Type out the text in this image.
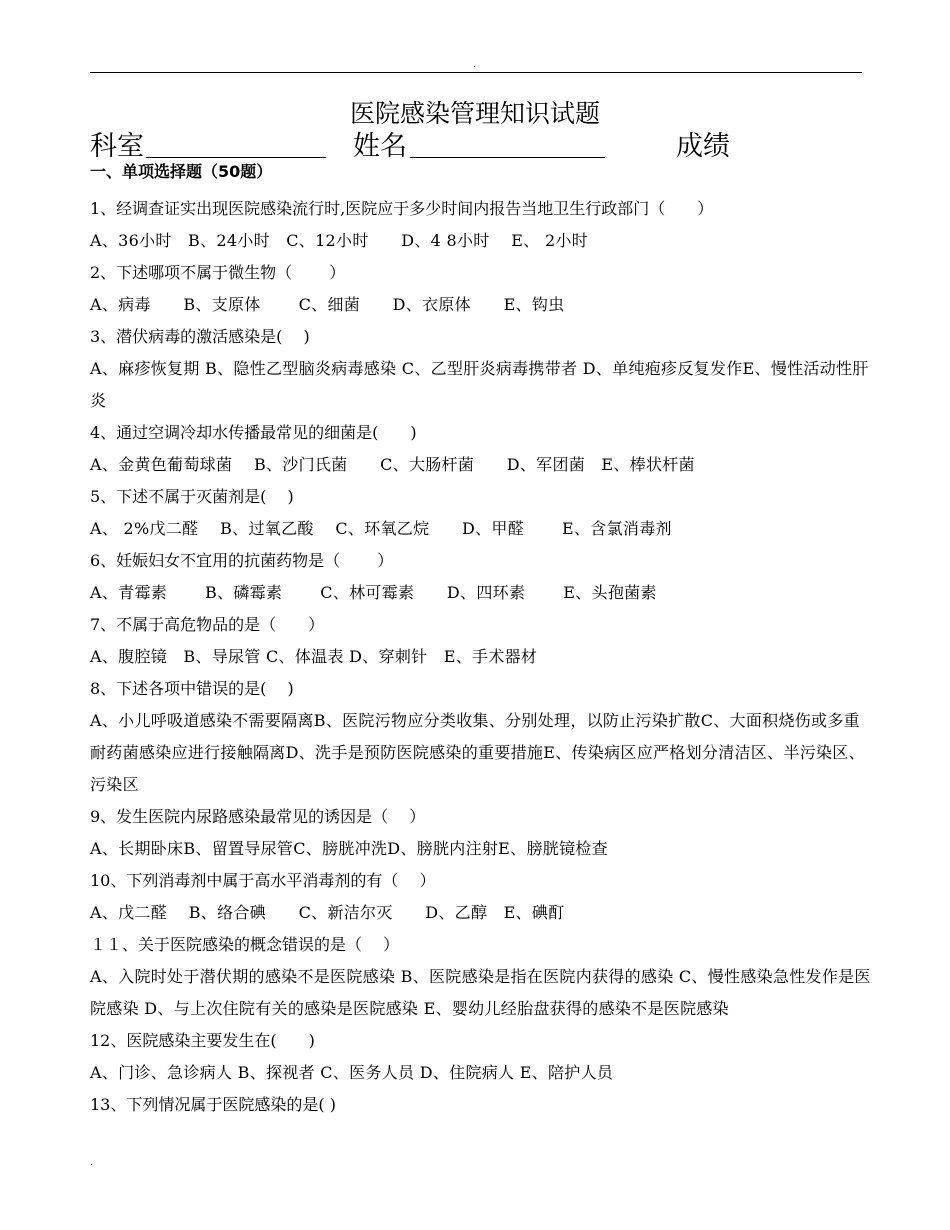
.
医院感染管理知识试题
科室	姓名	成绩
一、单项选择题（50题）
1、经调查证实出现医院感染流行时,医院应于多少时间内报告当地卫生行政部门（　　）
A、36小时　B、24小时　C、12小时　　D、4 8小时　 E、 2小时
2、下述哪项不属于微生物（　　 ）
A、病毒　　B、支原体　　 C、细菌　　D、衣原体　　E、钩虫
3、潜伏病毒的激活感染是(　 )
A、麻疹恢复期 B、隐性乙型脑炎病毒感染 C、乙型肝炎病毒携带者 D、单纯疱疹反复发作E、慢性活动性肝炎
4、通过空调冷却水传播最常见的细菌是(　　)
A、金黄色葡萄球菌　 B、沙门氏菌　　C、大肠杆菌　　D、军团菌　E、棒状杆菌
5、下述不属于灭菌剂是(　 )
A、 2%戊二醛　 B、过氧乙酸　 C、环氧乙烷　　D、甲醛　　 E、含氯消毒剂
6、妊娠妇女不宜用的抗菌药物是（　　 ）
A、青霉素　　 B、磷霉素　　 C、林可霉素　　D、四环素　　 E、头孢菌素
7、不属于高危物品的是（　　）
A、腹腔镜　B、导尿管 C、体温表 D、穿刺针　E、手术器材
8、下述各项中错误的是(　 )
A、小儿呼吸道感染不需要隔离B、医院污物应分类收集、分别处理，以防止污染扩散C、大面积烧伤或多重耐药菌感染应进行接触隔离D、洗手是预防医院感染的重要措施E、传染病区应严格划分清洁区、半污染区、污染区
9、发生医院内尿路感染最常见的诱因是（　 ）
A、长期卧床B、留置导尿管C、膀胱冲洗D、膀胱内注射E、膀胱镜检查
10、下列消毒剂中属于高水平消毒剂的有（　 ）
A、戊二醛　 B、络合碘　　C、新洁尔灭　　D、乙醇　E、碘酊
１１、关于医院感染的概念错误的是（　 ）
A、入院时处于潜伏期的感染不是医院感染 B、医院感染是指在医院内获得的感染 C、慢性感染急性发作是医院感染 D、与上次住院有关的感染是医院感染 E、婴幼儿经胎盘获得的感染不是医院感染
12、医院感染主要发生在(　　)
A、门诊、急诊病人 B、探视者 C、医务人员 D、住院病人 E、陪护人员
13、下列情况属于医院感染的是( )
.
